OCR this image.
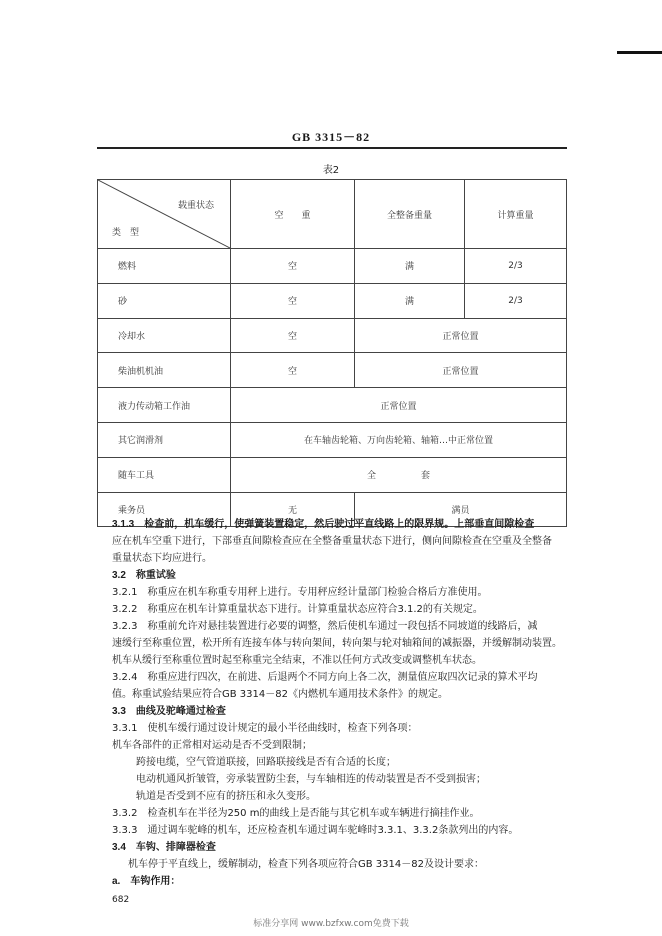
GB 3315－82
表2
载重状态
类　型	空　　重	全整备重量	计算重量
燃料	空	满	2/3
砂	空	满	2/3
冷却水	空	正常位置	
柴油机机油	空	正常位置	
液力传动箱工作油	正常位置		
其它润滑剂	在车轴齿轮箱、万向齿轮箱、轴箱…中正常位置		
随车工具	全　　　　　套		
乘务员	无	满员	

3.1.3　检查前，机车缓行，使弹簧装置稳定，然后驶过平直线路上的限界规。上部垂直间隙检查

应在机车空重下进行，下部垂直间隙检查应在全整备重量状态下进行，侧向间隙检查在空重及全整备

重量状态下均应进行。

3.2　称重试验

3.2.1　称重应在机车称重专用秤上进行。专用秤应经计量部门检验合格后方准使用。

3.2.2　称重应在机车计算重量状态下进行。计算重量状态应符合3.1.2的有关规定。

3.2.3　称重前允许对悬挂装置进行必要的调整，然后使机车通过一段包括不同坡道的线路后，减

速缓行至称重位置，松开所有连接车体与转向架间，转向架与轮对轴箱间的减振器，并缓解制动装置。

机车从缓行至称重位置时起至称重完全结束，不准以任何方式改变或调整机车状态。

3.2.4　称重应进行四次，在前进、后退两个不同方向上各二次，测量值应取四次记录的算术平均

值。称重试验结果应符合GB 3314－82《内燃机车通用技术条件》的规定。

3.3　曲线及驼峰通过检查

3.3.1　使机车缓行通过设计规定的最小半径曲线时，检查下列各项：

机车各部件的正常相对运动是否不受到限制；

跨接电缆，空气管道联接，回路联接线是否有合适的长度；

电动机通风折皱管，旁承装置防尘套，与车轴相连的传动装置是否不受到损害；

轨道是否受到不应有的挤压和永久变形。

3.3.2　检查机车在半径为250 m的曲线上是否能与其它机车或车辆进行摘挂作业。

3.3.3　通过调车驼峰的机车，还应检查机车通过调车驼峰时3.3.1、3.3.2条款列出的内容。

3.4　车钩、排障器检查

机车停于平直线上，缓解制动，检查下列各项应符合GB 3314－82及设计要求：

a.　车钩作用：

682
标准分享网 www.bzfxw.com免费下载
